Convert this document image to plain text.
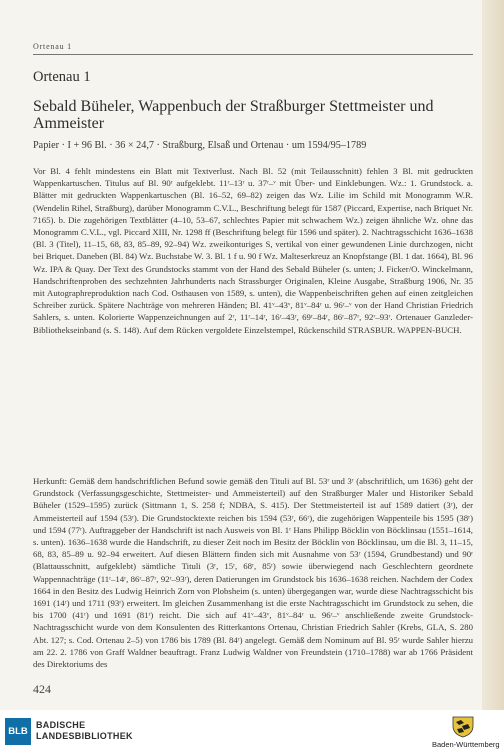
Ortenau 1
Ortenau 1
Sebald Büheler, Wappenbuch der Straßburger Stettmeister und Ammeister
Papier · I + 96 Bl. · 36 × 24,7 · Straßburg, Elsaß und Ortenau · um 1594/95–1789
Vor Bl. 4 fehlt mindestens ein Blatt mit Textverlust. Nach Bl. 52 (mit Teilausschnitt) fehlen 3 Bl. mit gedruckten Wappenkartuschen. Titulus auf Bl. 90ʳ aufgeklebt. 11ʳ–13ʳ u. 37ʳ–ᵛ mit Über- und Einklebungen. Wz.: 1. Grundstock. a. Blätter mit gedruckten Wappenkartuschen (Bl. 16–52, 69–82) zeigen das Wz. Lilie im Schild mit Monogramm W.R. (Wendelin Rihel, Straßburg), darüber Monogramm C.V.L., Beschriftung belegt für 1587 (Piccard, Expertise, nach Briquet Nr. 7165). b. Die zugehörigen Textblätter (4–10, 53–67, schlechtes Papier mit schwachem Wz.) zeigen ähnliche Wz. ohne das Monogramm C.V.L., vgl. Piccard XIII, Nr. 1298 ff (Beschriftung belegt für 1596 und später). 2. Nachtragsschicht 1636–1638 (Bl. 3 (Titel), 11–15, 68, 83, 85–89, 92–94) Wz. zweikonturiges S, vertikal von einer gewundenen Linie durchzogen, nicht bei Briquet. Daneben (Bl. 84) Wz. Buchstabe W. 3. Bl. 1 f u. 90 f Wz. Malteserkreuz an Knopfstange (Bl. 1 dat. 1664), Bl. 96 Wz. IPA & Quay. Der Text des Grundstocks stammt von der Hand des Sebald Büheler (s. unten; J. Ficker/O. Winckelmann, Handschriftenproben des sechzehnten Jahrhunderts nach Strassburger Originalen, Kleine Ausgabe, Straßburg 1906, Nr. 35 mit Autographreproduktion nach Cod. Osthausen von 1589, s. unten), die Wappenbeischriften gehen auf einen zeitgleichen Schreiber zurück. Spätere Nachträge von mehreren Händen; Bl. 41ᵛ–43ᵛ, 81ᵛ–84ʳ u. 96ʳ–ᵛ von der Hand Christian Friedrich Sahlers, s. unten. Kolorierte Wappenzeichnungen auf 2ʳ, 11ʳ–14ʳ, 16ʳ–43ʳ, 69ʳ–84ʳ, 86ʳ–87ʳ, 92ʳ–93ʳ. Ortenauer Ganzleder-Bibliothekseinband (s. S. 148). Auf dem Rücken vergoldete Einzelstempel, Rückenschild STRASBUR. WAPPEN-BUCH.
Herkunft: Gemäß dem handschriftlichen Befund sowie gemäß den Tituli auf Bl. 53ʳ und 3ʳ (abschriftlich, um 1636) geht der Grundstock (Verfassungsgeschichte, Stettmeister- und Ammeisterteil) auf den Straßburger Maler und Historiker Sebald Büheler (1529–1595) zurück (Sittmann 1, S. 258 f; NDBA, S. 415). Der Stettmeisterteil ist auf 1589 datiert (3ʳ), der Ammeisterteil auf 1594 (53ʳ). Die Grundstocktexte reichen bis 1594 (53ʳ, 66ʳ), die zugehörigen Wappenteile bis 1595 (38ʳ) und 1594 (77ʳ). Auftraggeber der Handschrift ist nach Ausweis von Bl. 1ʳ Hans Philipp Böcklin von Böcklinsau (1551–1614, s. unten). 1636–1638 wurde die Handschrift, zu dieser Zeit noch im Besitz der Böcklin von Böcklinsau, um die Bl. 3, 11–15, 68, 83, 85–89 u. 92–94 erweitert. Auf diesen Blättern finden sich mit Ausnahme von 53ʳ (1594, Grundbestand) und 90ʳ (Blattausschnitt, aufgeklebt) sämtliche Tituli (3ʳ, 15ʳ, 68ʳ, 85ʳ) sowie überwiegend nach Geschlechtern geordnete Wappennachträge (11ʳ–14ʳ, 86ʳ–87ʳ, 92ʳ–93ʳ), deren Datierungen im Grundstock bis 1636–1638 reichen. Nachdem der Codex 1664 in den Besitz des Ludwig Heinrich Zorn von Plobsheim (s. unten) übergegangen war, wurde diese Nachtragsschicht bis 1691 (14ʳ) und 1711 (93ʳ) erweitert. Im gleichen Zusammenhang ist die erste Nachtragsschicht im Grundstock zu sehen, die bis 1700 (41ʳ) und 1691 (81ʳ) reicht. Die sich auf 41ᵛ–43ᵛ, 81ᵛ–84ʳ u. 96ʳ–ᵛ anschließende zweite Grundstock-Nachtragsschicht wurde von dem Konsulenten des Ritterkantons Ortenau, Christian Friedrich Sahler (Krebs, GLA, S. 280 Abt. 127; s. Cod. Ortenau 2–5) von 1786 bis 1789 (Bl. 84ʳ) angelegt. Gemäß dem Nominum auf Bl. 95ʳ wurde Sahler hierzu am 22. 2. 1786 von Graff Waldner beauftragt. Franz Ludwig Waldner von Freundstein (1710–1788) war ab 1766 Präsident des Direktoriums des
424
BLB
BADISCHE
LANDESBIBLIOTHEK
Baden-Württemberg
